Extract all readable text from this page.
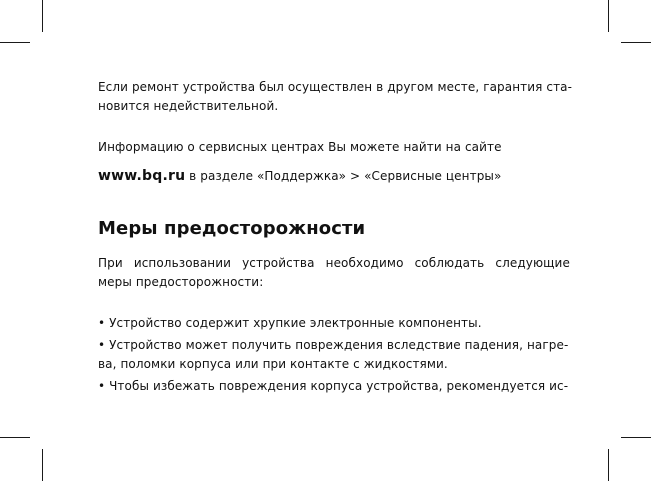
Если ремонт устройства был осуществлен в другом месте, гарантия ста-
новится недействительной.

Информацию о сервисных центрах Вы можете найти на сайте
www.bq.ru в разделе «Поддержка» > «Сервисные центры»

Меры предосторожности

При использовании устройства необходимо соблюдать следующие
меры предосторожности:

• Устройство содержит хрупкие электронные компоненты.

• Устройство может получить повреждения вследствие падения, нагре-
ва, поломки корпуса или при контакте с жидкостями.

• Чтобы избежать повреждения корпуса устройства, рекомендуется ис-
